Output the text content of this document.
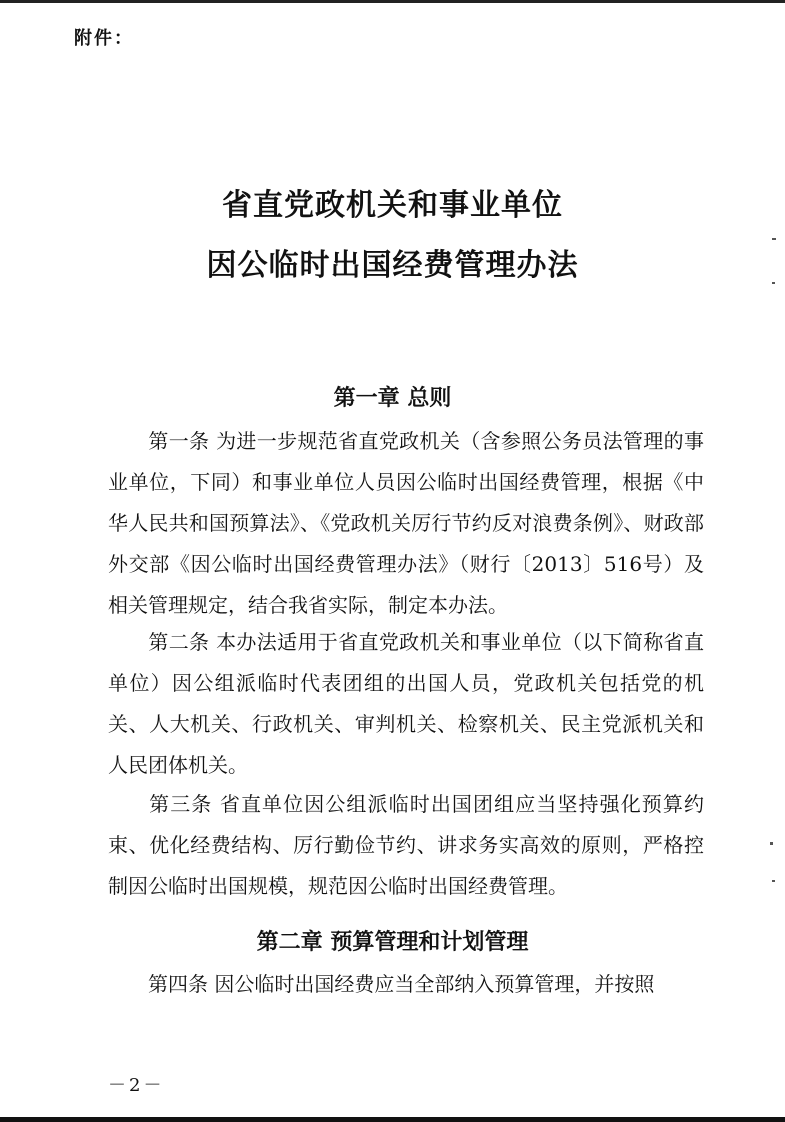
附件：
省直党政机关和事业单位
因公临时出国经费管理办法
第一章 总则
第一条 为进一步规范省直党政机关（含参照公务员法管理的事业单位，下同）和事业单位人员因公临时出国经费管理，根据《中华人民共和国预算法》、《党政机关厉行节约反对浪费条例》、财政部外交部《因公临时出国经费管理办法》（财行〔2013〕516号）及相关管理规定，结合我省实际，制定本办法。
第二条 本办法适用于省直党政机关和事业单位（以下简称省直单位）因公组派临时代表团组的出国人员，党政机关包括党的机关、人大机关、行政机关、审判机关、检察机关、民主党派机关和人民团体机关。
第三条 省直单位因公组派临时出国团组应当坚持强化预算约束、优化经费结构、厉行勤俭节约、讲求务实高效的原则，严格控制因公临时出国规模，规范因公临时出国经费管理。
第二章 预算管理和计划管理
第四条 因公临时出国经费应当全部纳入预算管理，并按照
－2－
